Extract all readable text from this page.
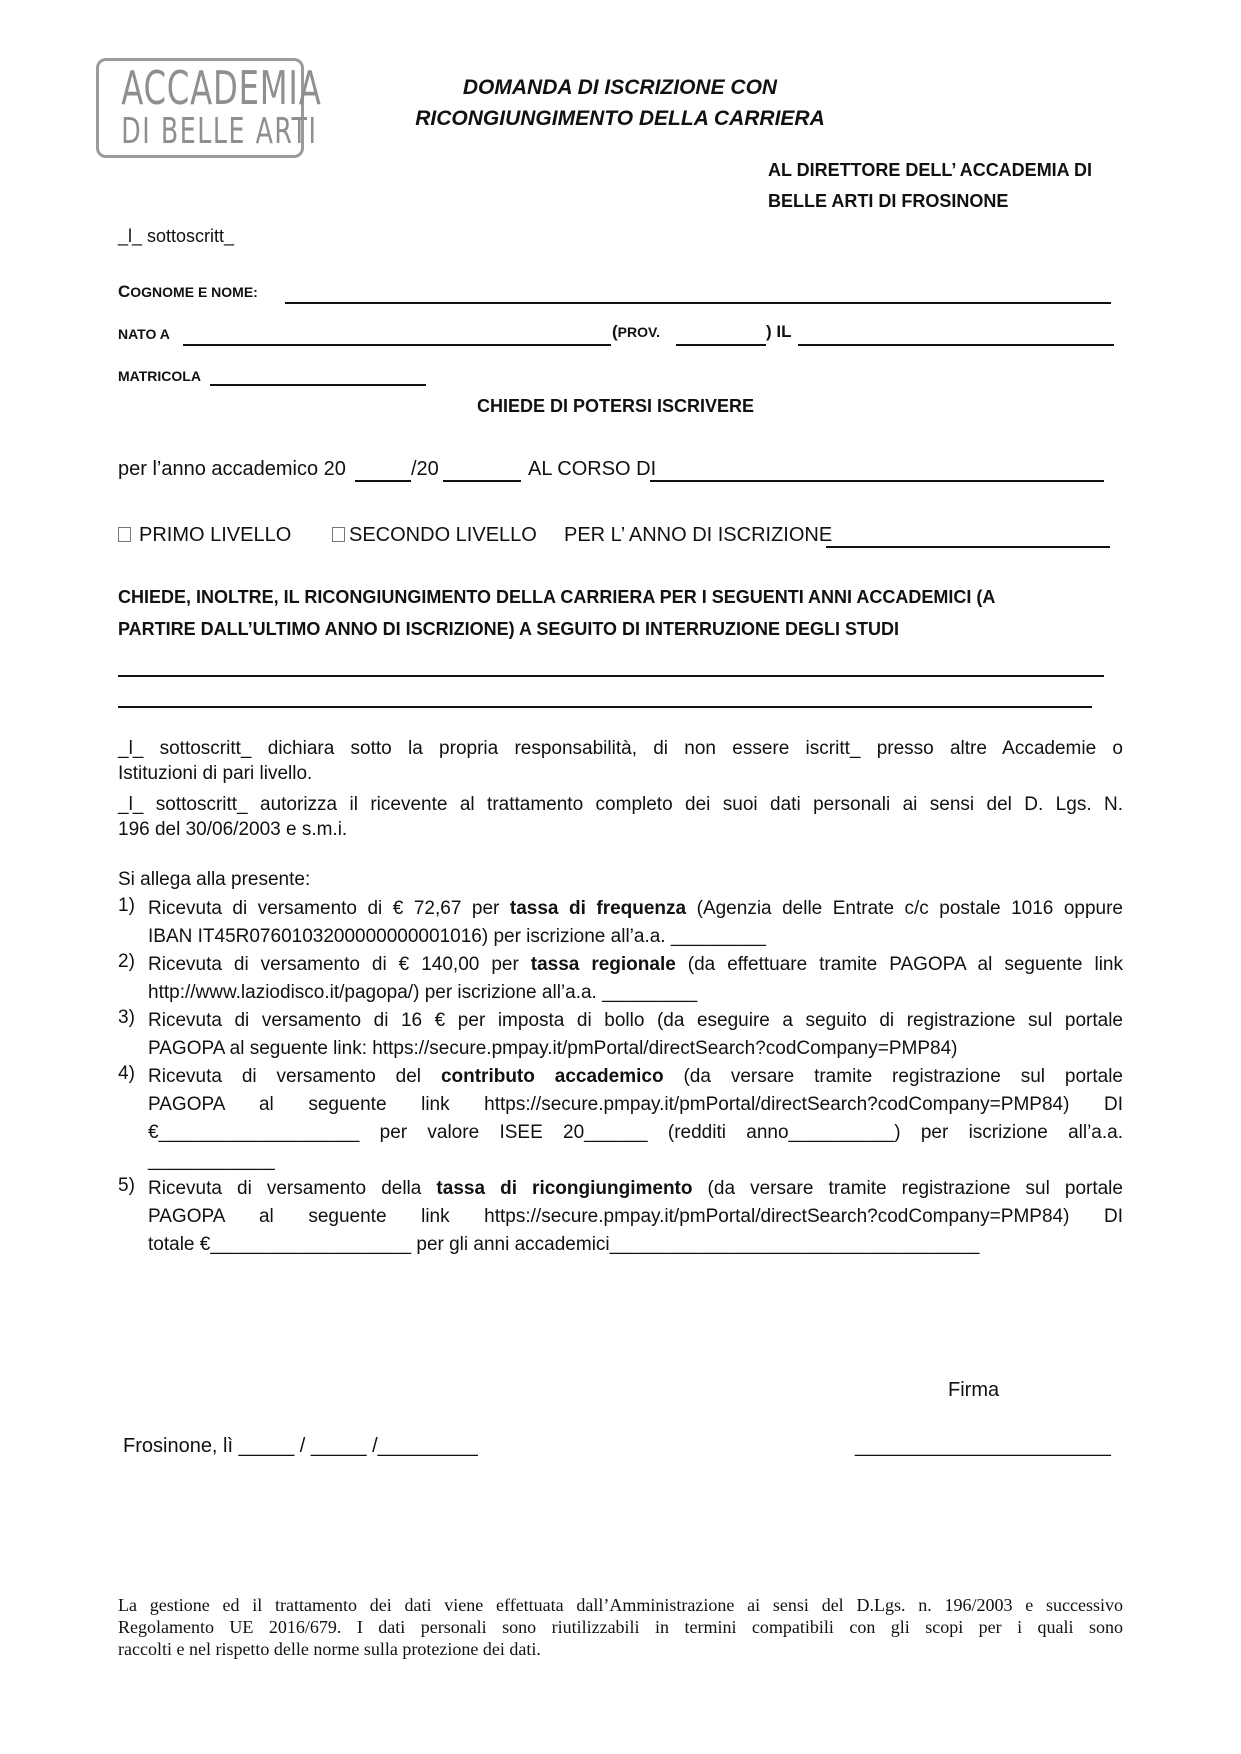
ACCADEMIA
DI BELLE ARTI
DOMANDA DI ISCRIZIONE CON
RICONGIUNGIMENTO DELLA CARRIERA
AL DIRETTORE DELL’ ACCADEMIA DI
BELLE ARTI DI FROSINONE
_l_ sottoscritt_
COGNOME E NOME:
NATO A	(PROV.	) IL
MATRICOLA
CHIEDE DI POTERSI ISCRIVERE
per l’anno accademico 20	/20	AL CORSO DI
PRIMO LIVELLO	SECONDO LIVELLO PER L’ ANNO DI ISCRIZIONE
CHIEDE, INOLTRE, IL RICONGIUNGIMENTO DELLA CARRIERA PER I SEGUENTI ANNI ACCADEMICI (A
PARTIRE DALL’ULTIMO ANNO DI ISCRIZIONE) A SEGUITO DI INTERRUZIONE DEGLI STUDI
_l_ sottoscritt_ dichiara sotto la propria responsabilità, di non essere iscritt_ presso altre Accademie o
Istituzioni di pari livello.
_l_ sottoscritt_ autorizza il ricevente al trattamento completo dei suoi dati personali ai sensi del D. Lgs. N.
196 del 30/06/2003 e s.m.i.
Si allega alla presente:
1) Ricevuta di versamento di € 72,67 per tassa di frequenza (Agenzia delle Entrate c/c postale 1016 oppure

IBAN IT45R0760103200000000001016) per iscrizione all’a.a. _________

2) Ricevuta di versamento di € 140,00 per tassa regionale (da effettuare tramite PAGOPA al seguente link

http://www.laziodisco.it/pagopa/) per iscrizione all’a.a. _________

3) Ricevuta di versamento di 16 € per imposta di bollo (da eseguire a seguito di registrazione sul portale

PAGOPA al seguente link: https://secure.pmpay.it/pmPortal/directSearch?codCompany=PMP84)

4) Ricevuta di versamento del contributo accademico (da versare tramite registrazione sul portale

PAGOPA al seguente link https://secure.pmpay.it/pmPortal/directSearch?codCompany=PMP84) DI

€___________________ per valore ISEE 20______ (redditi anno__________) per iscrizione all’a.a.

____________

5) Ricevuta di versamento della tassa di ricongiungimento (da versare tramite registrazione sul portale

PAGOPA al seguente link https://secure.pmpay.it/pmPortal/directSearch?codCompany=PMP84) DI

totale €___________________ per gli anni accademici___________________________________

Firma
Frosinone, lì _____ / _____ /_________	_______________________

La gestione ed il trattamento dei dati viene effettuata dall’Amministrazione ai sensi del D.Lgs. n. 196/2003 e successivo

Regolamento UE 2016/679. I dati personali sono riutilizzabili in termini compatibili con gli scopi per i quali sono

raccolti e nel rispetto delle norme sulla protezione dei dati.
